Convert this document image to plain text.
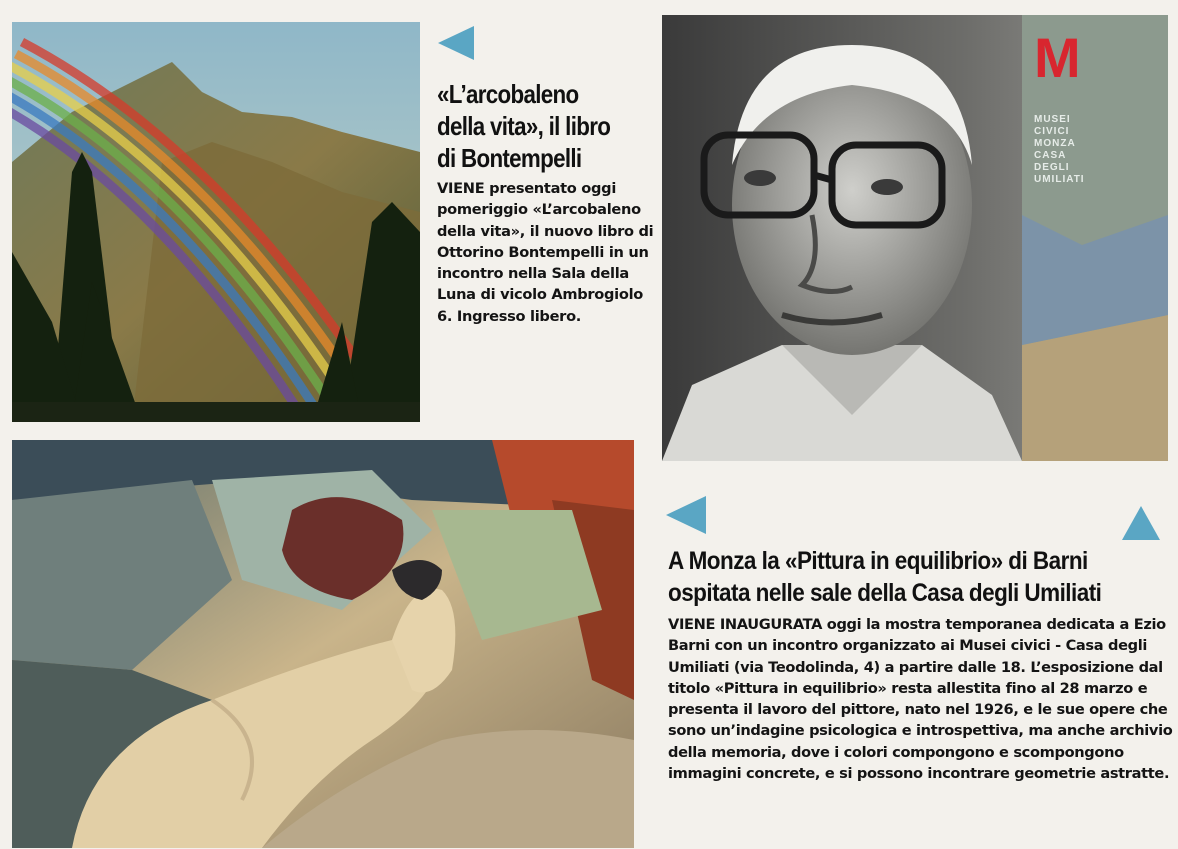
«L’arcobaleno della vita», il libro di Bontempelli

VIENE presentato oggi pomeriggio «L’arcobaleno della vita», il nuovo libro di Ottorino Bontempelli in un incontro nella Sala della Luna di vicolo Ambrogiolo 6. Ingresso libero.

M
MUSEI
CIVICI
MONZA
CASA
DEGLI
UMILIATI
A Monza la «Pittura in equilibrio» di Barni
ospitata nelle sale della Casa degli Umiliati

VIENE INAUGURATA oggi la mostra temporanea dedicata a Ezio Barni con un incontro organizzato ai Musei civici - Casa degli Umiliati (via Teodolinda, 4) a partire dalle 18. L’esposizione dal titolo «Pittura in equilibrio» resta allestita fino al 28 marzo e presenta il lavoro del pittore, nato nel 1926, e le sue opere che sono un’indagine psicologica e introspettiva, ma anche archivio della memoria, dove i colori compongono e scompongono immagini concrete, e si possono incontrare geometrie astratte.
